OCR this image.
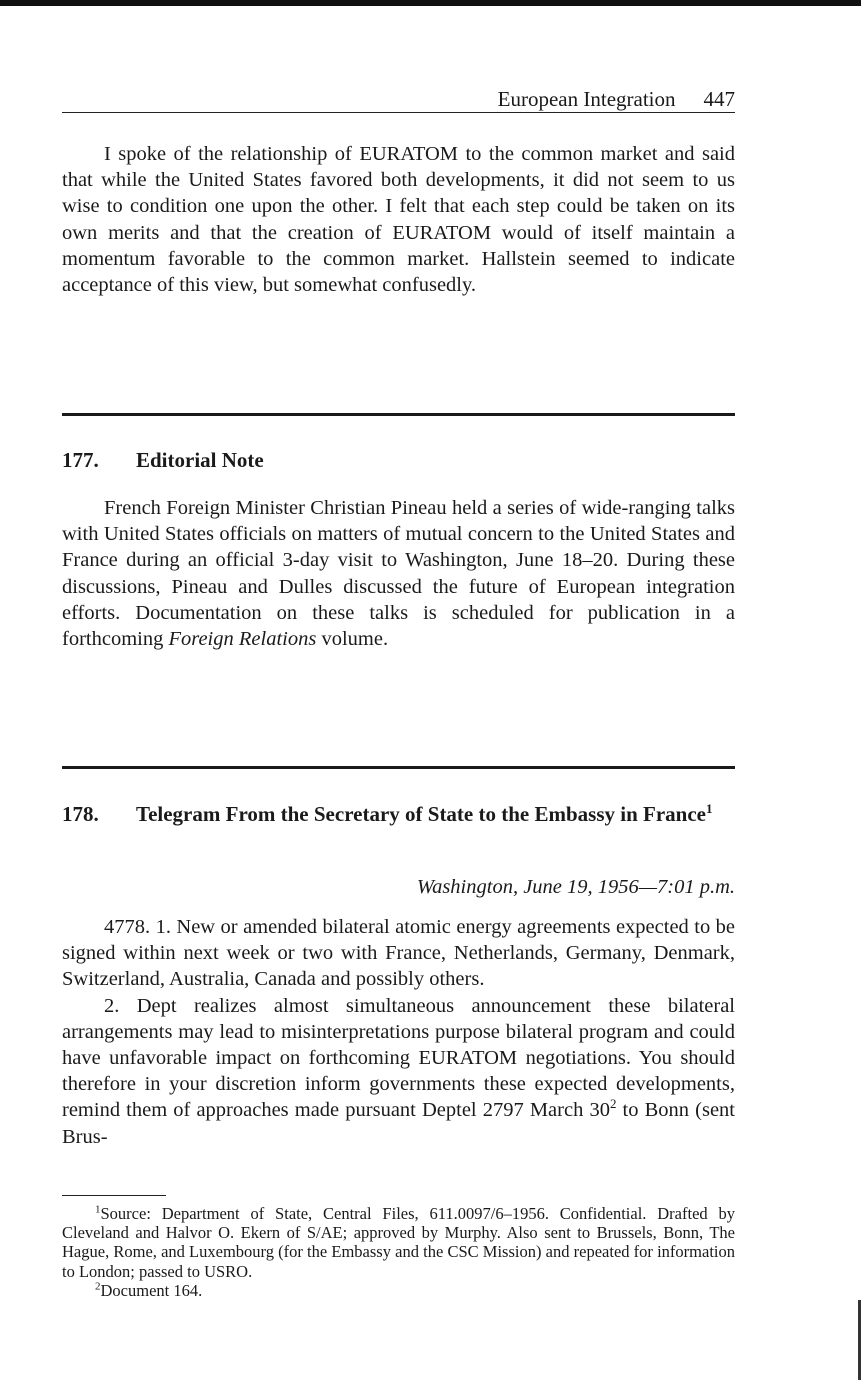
European Integration 447

I spoke of the relationship of EURATOM to the common market and said that while the United States favored both developments, it did not seem to us wise to condition one upon the other. I felt that each step could be taken on its own merits and that the creation of EURATOM would of itself maintain a momentum favorable to the common market. Hallstein seemed to indicate acceptance of this view, but somewhat confusedly.

177. Editorial Note

French Foreign Minister Christian Pineau held a series of wide-ranging talks with United States officials on matters of mutual concern to the United States and France during an official 3-day visit to Washington, June 18–20. During these discussions, Pineau and Dulles discussed the future of European integration efforts. Documentation on these talks is scheduled for publication in a forthcoming Foreign Relations volume.

178. Telegram From the Secretary of State to the Embassy in France$^1$
Washington, June 19, 1956—7:01 p.m.

4778. 1. New or amended bilateral atomic energy agreements expected to be signed within next week or two with France, Netherlands, Germany, Denmark, Switzerland, Australia, Canada and possibly others.

2. Dept realizes almost simultaneous announcement these bilateral arrangements may lead to misinterpretations purpose bilateral program and could have unfavorable impact on forthcoming EURATOM negotiations. You should therefore in your discretion inform governments these expected developments, remind them of approaches made pursuant Deptel 2797 March 30$^2$ to Bonn (sent Brus-

$^1$Source: Department of State, Central Files, 611.0097/6–1956. Confidential. Drafted by Cleveland and Halvor O. Ekern of S/AE; approved by Murphy. Also sent to Brussels, Bonn, The Hague, Rome, and Luxembourg (for the Embassy and the CSC Mission) and repeated for information to London; passed to USRO.

$^2$Document 164.
